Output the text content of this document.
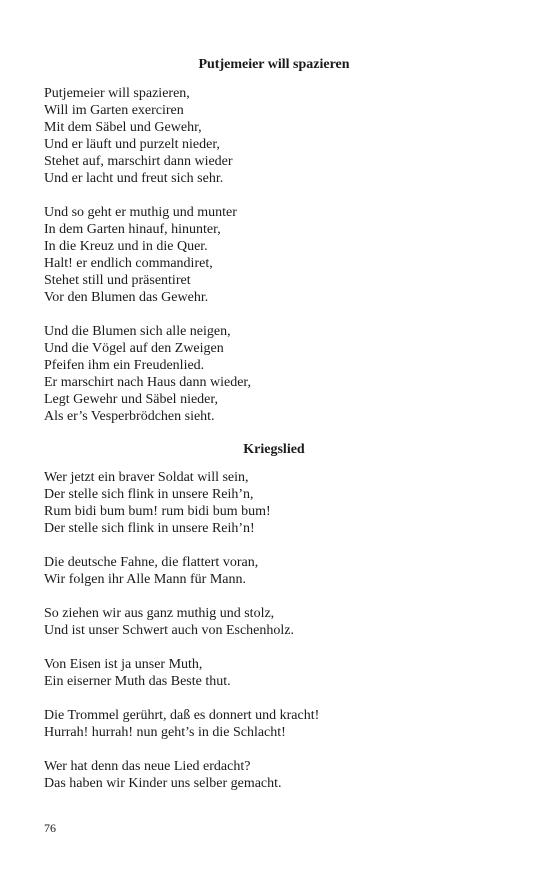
Putjemeier will spazieren
Putjemeier will spazieren,
Will im Garten exerciren
Mit dem Säbel und Gewehr,
Und er läuft und purzelt nieder,
Stehet auf, marschirt dann wieder
Und er lacht und freut sich sehr.
Und so geht er muthig und munter
In dem Garten hinauf, hinunter,
In die Kreuz und in die Quer.
Halt! er endlich commandiret,
Stehet still und präsentiret
Vor den Blumen das Gewehr.
Und die Blumen sich alle neigen,
Und die Vögel auf den Zweigen
Pfeifen ihm ein Freudenlied.
Er marschirt nach Haus dann wieder,
Legt Gewehr und Säbel nieder,
Als er’s Vesperbrödchen sieht.
Kriegslied
Wer jetzt ein braver Soldat will sein,
Der stelle sich flink in unsere Reih’n,
Rum bidi bum bum! rum bidi bum bum!
Der stelle sich flink in unsere Reih’n!
Die deutsche Fahne, die flattert voran,
Wir folgen ihr Alle Mann für Mann.
So ziehen wir aus ganz muthig und stolz,
Und ist unser Schwert auch von Eschenholz.
Von Eisen ist ja unser Muth,
Ein eiserner Muth das Beste thut.
Die Trommel gerührt, daß es donnert und kracht!
Hurrah! hurrah! nun geht’s in die Schlacht!
Wer hat denn das neue Lied erdacht?
Das haben wir Kinder uns selber gemacht.
76
